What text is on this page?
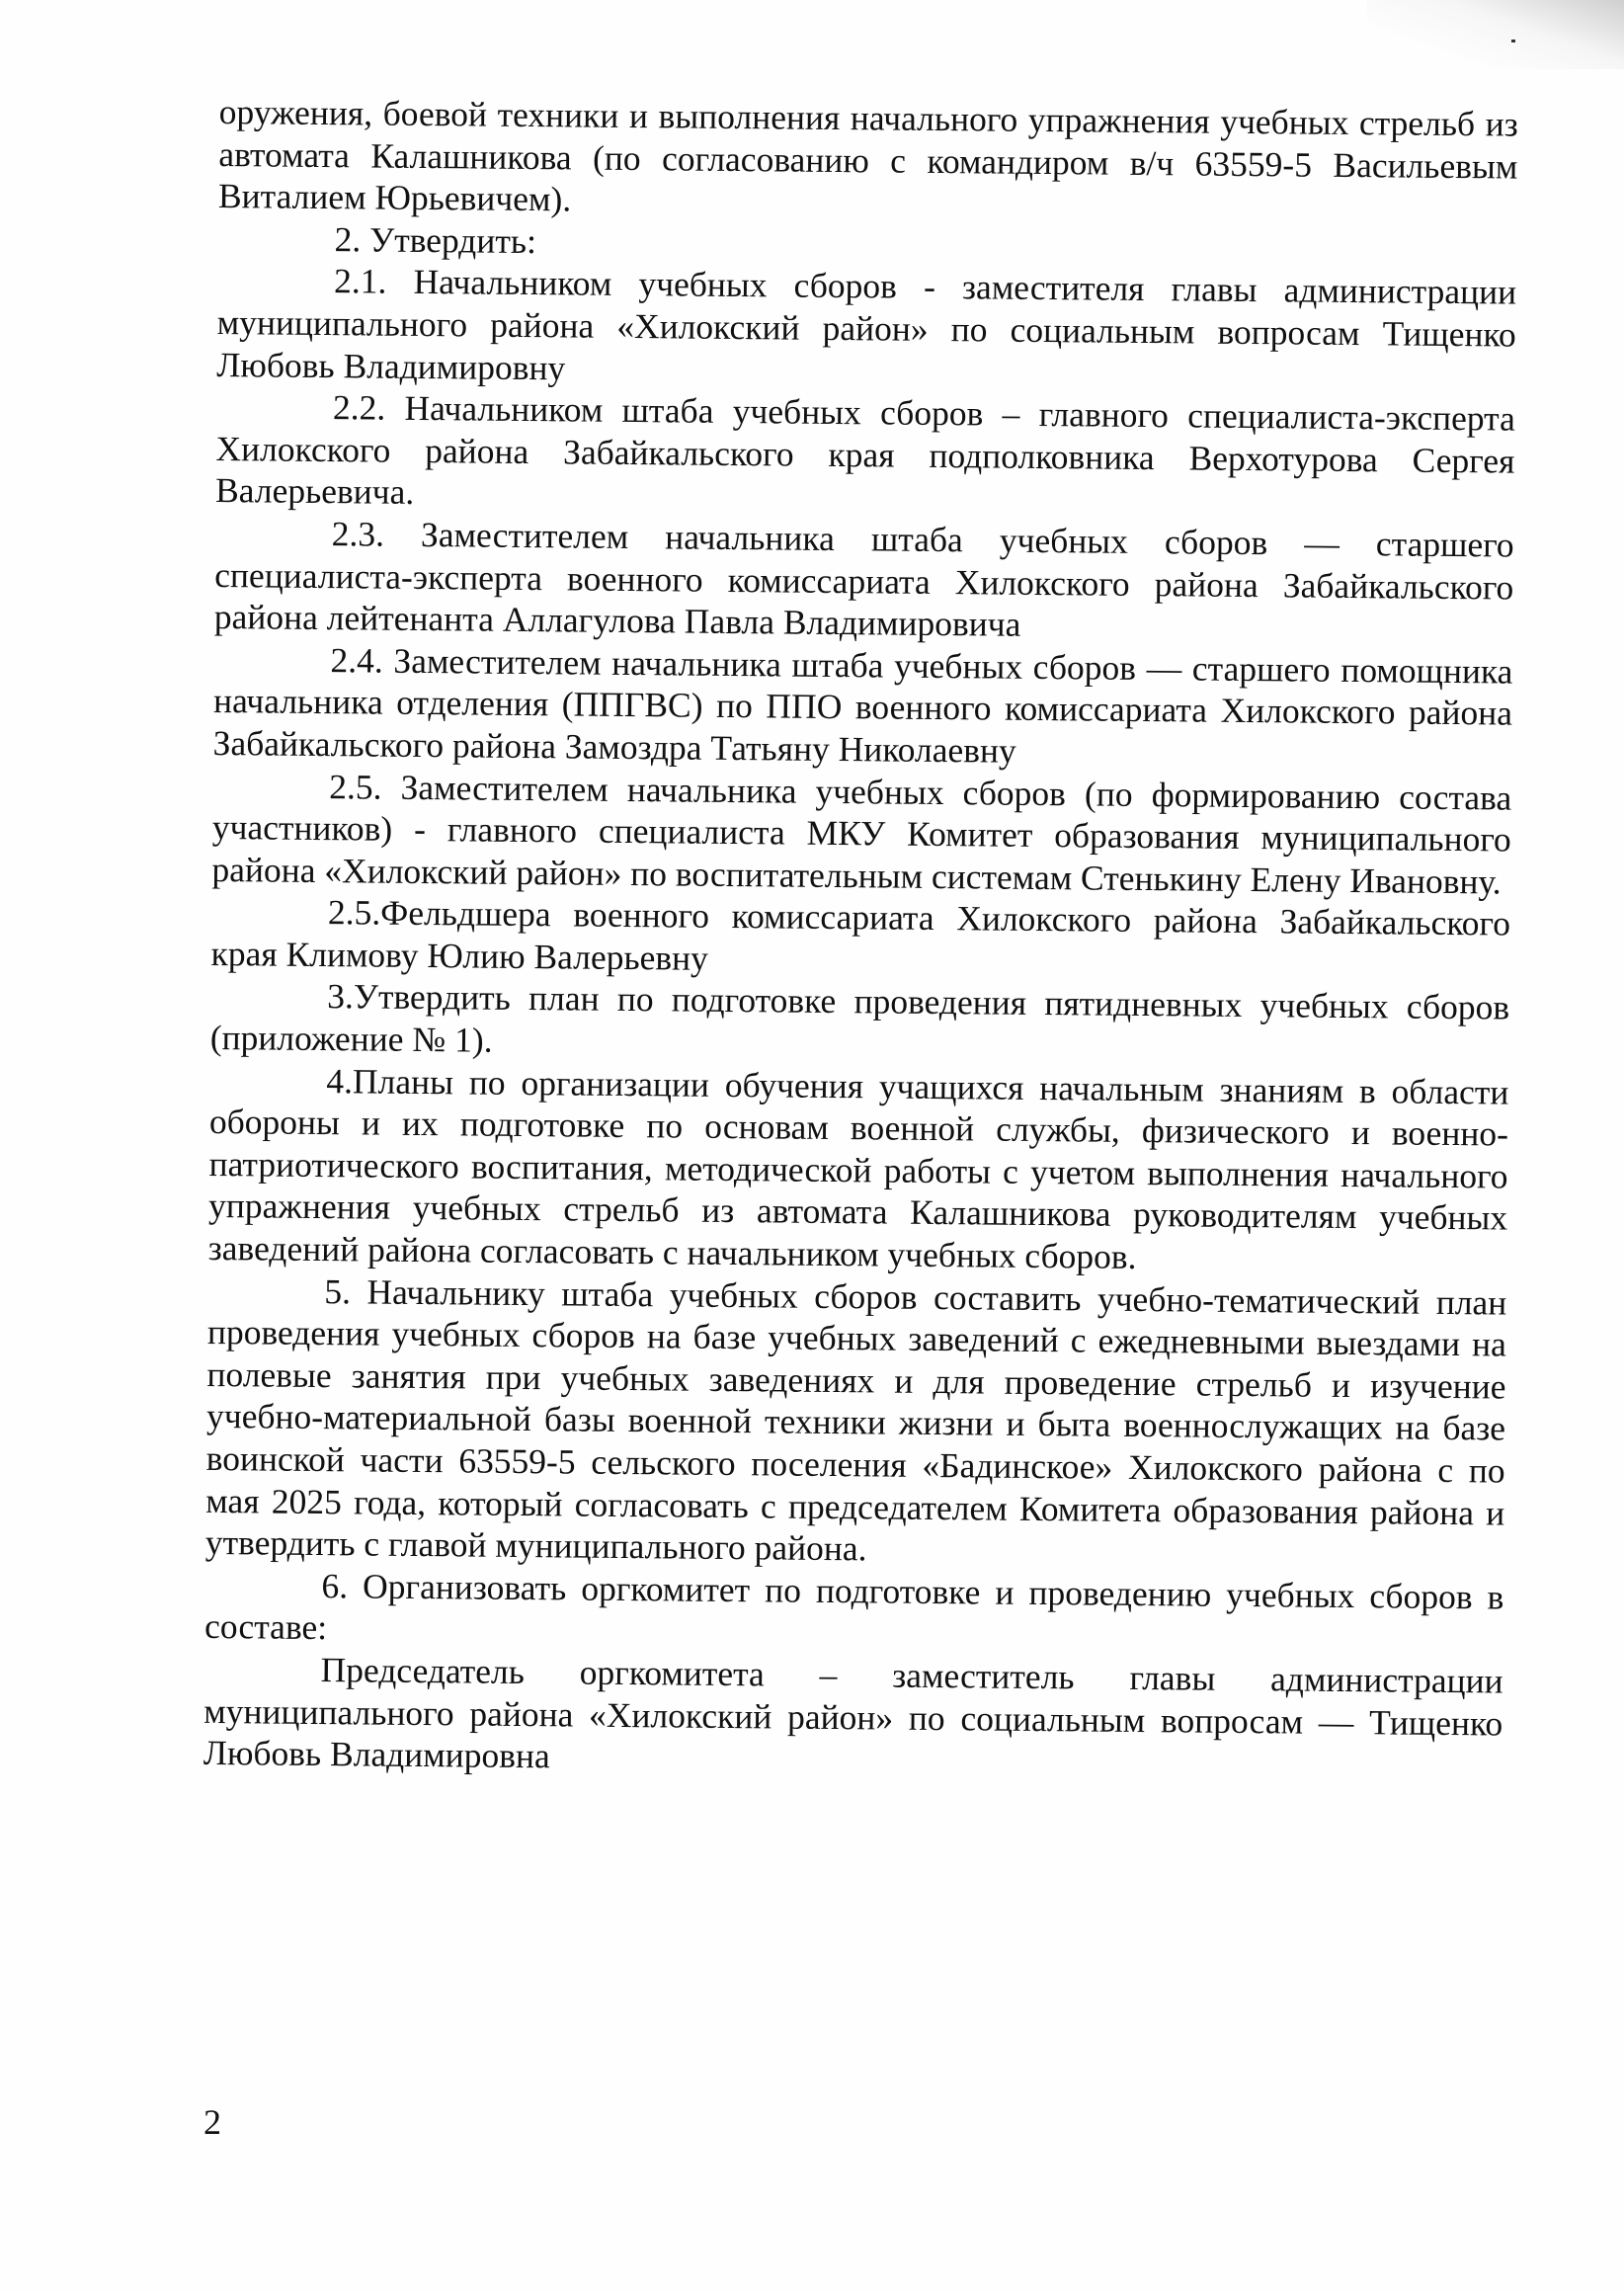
оружения, боевой техники и выполнения начального упражнения учебных стрельб из автомата Калашникова (по согласованию с командиром в/ч 63559-5 Васильевым Виталием Юрьевичем).

2. Утвердить:

2.1. Начальником учебных сборов - заместителя главы администрации муниципального района «Хилокский район» по социальным вопросам Тищенко Любовь Владимировну

2.2. Начальником штаба учебных сборов – главного специалиста-эксперта Хилокского района Забайкальского края подполковника Верхотурова Сергея Валерьевича.

2.3. Заместителем начальника штаба учебных сборов — старшего специалиста-эксперта военного комиссариата Хилокского района Забайкальского района лейтенанта Аллагулова Павла Владимировича

2.4. Заместителем начальника штаба учебных сборов — старшего помощника начальника отделения (ППГВС) по ППО военного комиссариата Хилокского района Забайкальского района Замоздра Татьяну Николаевну

2.5. Заместителем начальника учебных сборов (по формированию состава участников) - главного специалиста МКУ Комитет образования муниципального района «Хилокский район» по воспитательным системам Стенькину Елену Ивановну.

2.5.Фельдшера военного комиссариата Хилокского района Забайкальского края Климову Юлию Валерьевну

3.Утвердить план по подготовке проведения пятидневных учебных сборов (приложение № 1).

4.Планы по организации обучения учащихся начальным знаниям в области обороны и их подготовке по основам военной службы, физического и военно-патриотического воспитания, методической работы с учетом выполнения начального упражнения учебных стрельб из автомата Калашникова руководителям учебных заведений района согласовать с начальником учебных сборов.

5. Начальнику штаба учебных сборов составить учебно-тематический план проведения учебных сборов на базе учебных заведений с ежедневными выездами на полевые занятия при учебных заведениях и для проведение стрельб и изучение учебно-материальной базы военной техники жизни и быта военнослужащих на базе воинской части 63559-5 сельского поселения «Бадинское» Хилокского района с по мая 2025 года, который согласовать с председателем Комитета образования района и утвердить с главой муниципального района.

6. Организовать оргкомитет по подготовке и проведению учебных сборов в составе:

Председатель оргкомитета – заместитель главы администрации муниципального района «Хилокский район» по социальным вопросам — Тищенко Любовь Владимировна

2
